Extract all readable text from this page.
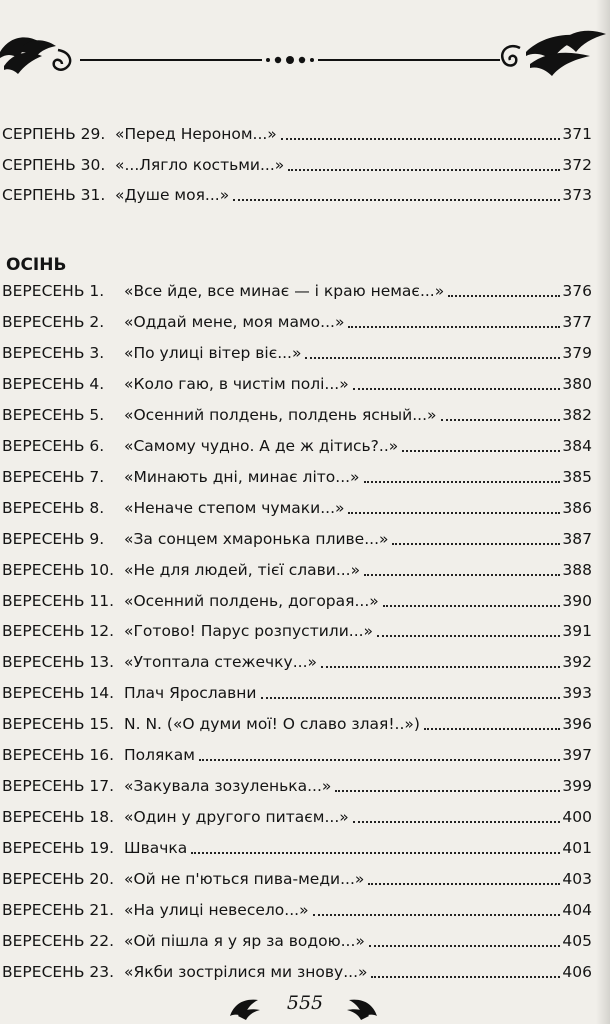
ОСІНЬ
СЕРПЕНЬ 29. «Перед Нероном...»	371
СЕРПЕНЬ 30. «...Лягло костьми...»	372
СЕРПЕНЬ 31. «Душе моя...»	373
ВЕРЕСЕНЬ 1. «Все йде, все минає — і краю немає...»	376
ВЕРЕСЕНЬ 2. «Оддай мене, моя мамо...»	377
ВЕРЕСЕНЬ 3. «По улиці вітер віє...»	379
ВЕРЕСЕНЬ 4. «Коло гаю, в чистім полі...»	380
ВЕРЕСЕНЬ 5. «Осенний полдень, полдень ясный...»	382
ВЕРЕСЕНЬ 6. «Самому чудно. А де ж дітись?..»	384
ВЕРЕСЕНЬ 7. «Минають дні, минає літо...»	385
ВЕРЕСЕНЬ 8. «Неначе степом чумаки...»	386
ВЕРЕСЕНЬ 9. «За сонцем хмаронька пливе...»	387
ВЕРЕСЕНЬ 10. «Не для людей, тієї слави...»	388
ВЕРЕСЕНЬ 11. «Осенний полдень, догорая...»	390
ВЕРЕСЕНЬ 12. «Готово! Парус розпустили...»	391
ВЕРЕСЕНЬ 13. «Утоптала стежечку...»	392
ВЕРЕСЕНЬ 14. Плач Ярославни	393
ВЕРЕСЕНЬ 15. N. N. («О думи мої! О славо злая!..»)	396
ВЕРЕСЕНЬ 16. Полякам	397
ВЕРЕСЕНЬ 17. «Закувала зозуленька...»	399
ВЕРЕСЕНЬ 18. «Один у другого питаєм...»	400
ВЕРЕСЕНЬ 19. Швачка	401
ВЕРЕСЕНЬ 20. «Ой не п'ються пива-меди...»	403
ВЕРЕСЕНЬ 21. «На улиці невесело...»	404
ВЕРЕСЕНЬ 22. «Ой пішла я у яр за водою...»	405
ВЕРЕСЕНЬ 23. «Якби зострілися ми знову...»	406
555
